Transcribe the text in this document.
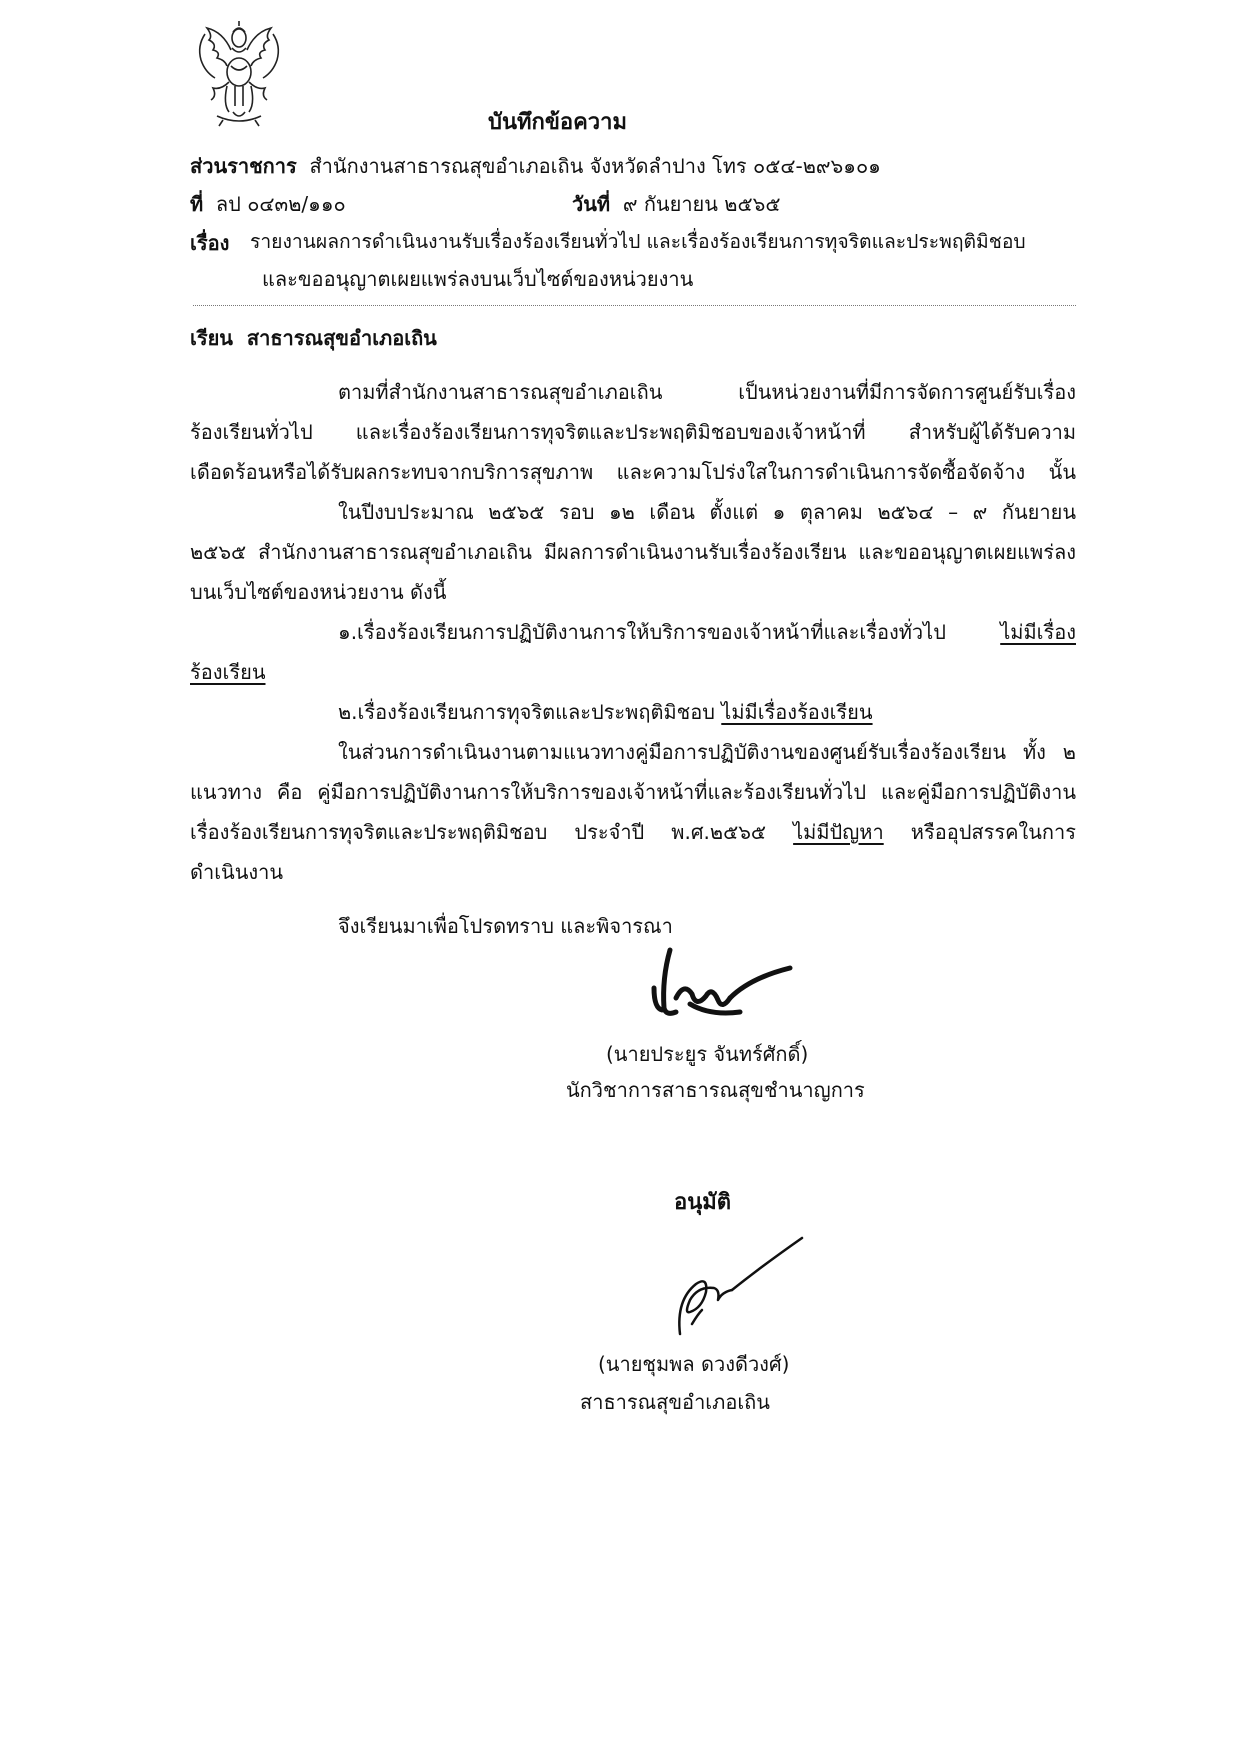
บันทึกข้อความ
ส่วนราชการ สำนักงานสาธารณสุขอำเภอเถิน จังหวัดลำปาง โทร ๐๕๔-๒๙๖๑๐๑
ที่ ลป ๐๔๓๒/๑๑๐	วันที่ ๙ กันยายน ๒๕๖๕
เรื่อง รายงานผลการดำเนินงานรับเรื่องร้องเรียนทั่วไป และเรื่องร้องเรียนการทุจริตและประพฤติมิชอบ
และขออนุญาตเผยแพร่ลงบนเว็บไซต์ของหน่วยงาน
เรียน สาธารณสุขอำเภอเถิน
ตามที่สำนักงานสาธารณสุขอำเภอเถิน เป็นหน่วยงานที่มีการจัดการศูนย์รับเรื่อง
ร้องเรียนทั่วไป และเรื่องร้องเรียนการทุจริตและประพฤติมิชอบของเจ้าหน้าที่ สำหรับผู้ได้รับความ
เดือดร้อนหรือได้รับผลกระทบจากบริการสุขภาพ และความโปร่งใสในการดำเนินการจัดซื้อจัดจ้าง นั้น
ในปีงบประมาณ ๒๕๖๕ รอบ ๑๒ เดือน ตั้งแต่ ๑ ตุลาคม ๒๕๖๔ – ๙ กันยายน
๒๕๖๕ สำนักงานสาธารณสุขอำเภอเถิน มีผลการดำเนินงานรับเรื่องร้องเรียน และขออนุญาตเผยแพร่ลง
บนเว็บไซต์ของหน่วยงาน ดังนี้
๑.เรื่องร้องเรียนการปฏิบัติงานการให้บริการของเจ้าหน้าที่และเรื่องทั่วไป	ไม่มีเรื่อง
ร้องเรียน
๒.เรื่องร้องเรียนการทุจริตและประพฤติมิชอบ ไม่มีเรื่องร้องเรียน
ในส่วนการดำเนินงานตามแนวทางคู่มือการปฏิบัติงานของศูนย์รับเรื่องร้องเรียน ทั้ง ๒
แนวทาง คือ คู่มือการปฏิบัติงานการให้บริการของเจ้าหน้าที่และร้องเรียนทั่วไป และคู่มือการปฏิบัติงาน
เรื่องร้องเรียนการทุจริตและประพฤติมิชอบ ประจำปี พ.ศ.๒๕๖๕ ไม่มีปัญหา หรืออุปสรรคในการ
ดำเนินงาน
จึงเรียนมาเพื่อโปรดทราบ และพิจารณา
(นายประยูร จันทร์ศักดิ์)
นักวิชาการสาธารณสุขชำนาญการ
อนุมัติ
(นายชุมพล ดวงดีวงศ์)
สาธารณสุขอำเภอเถิน
